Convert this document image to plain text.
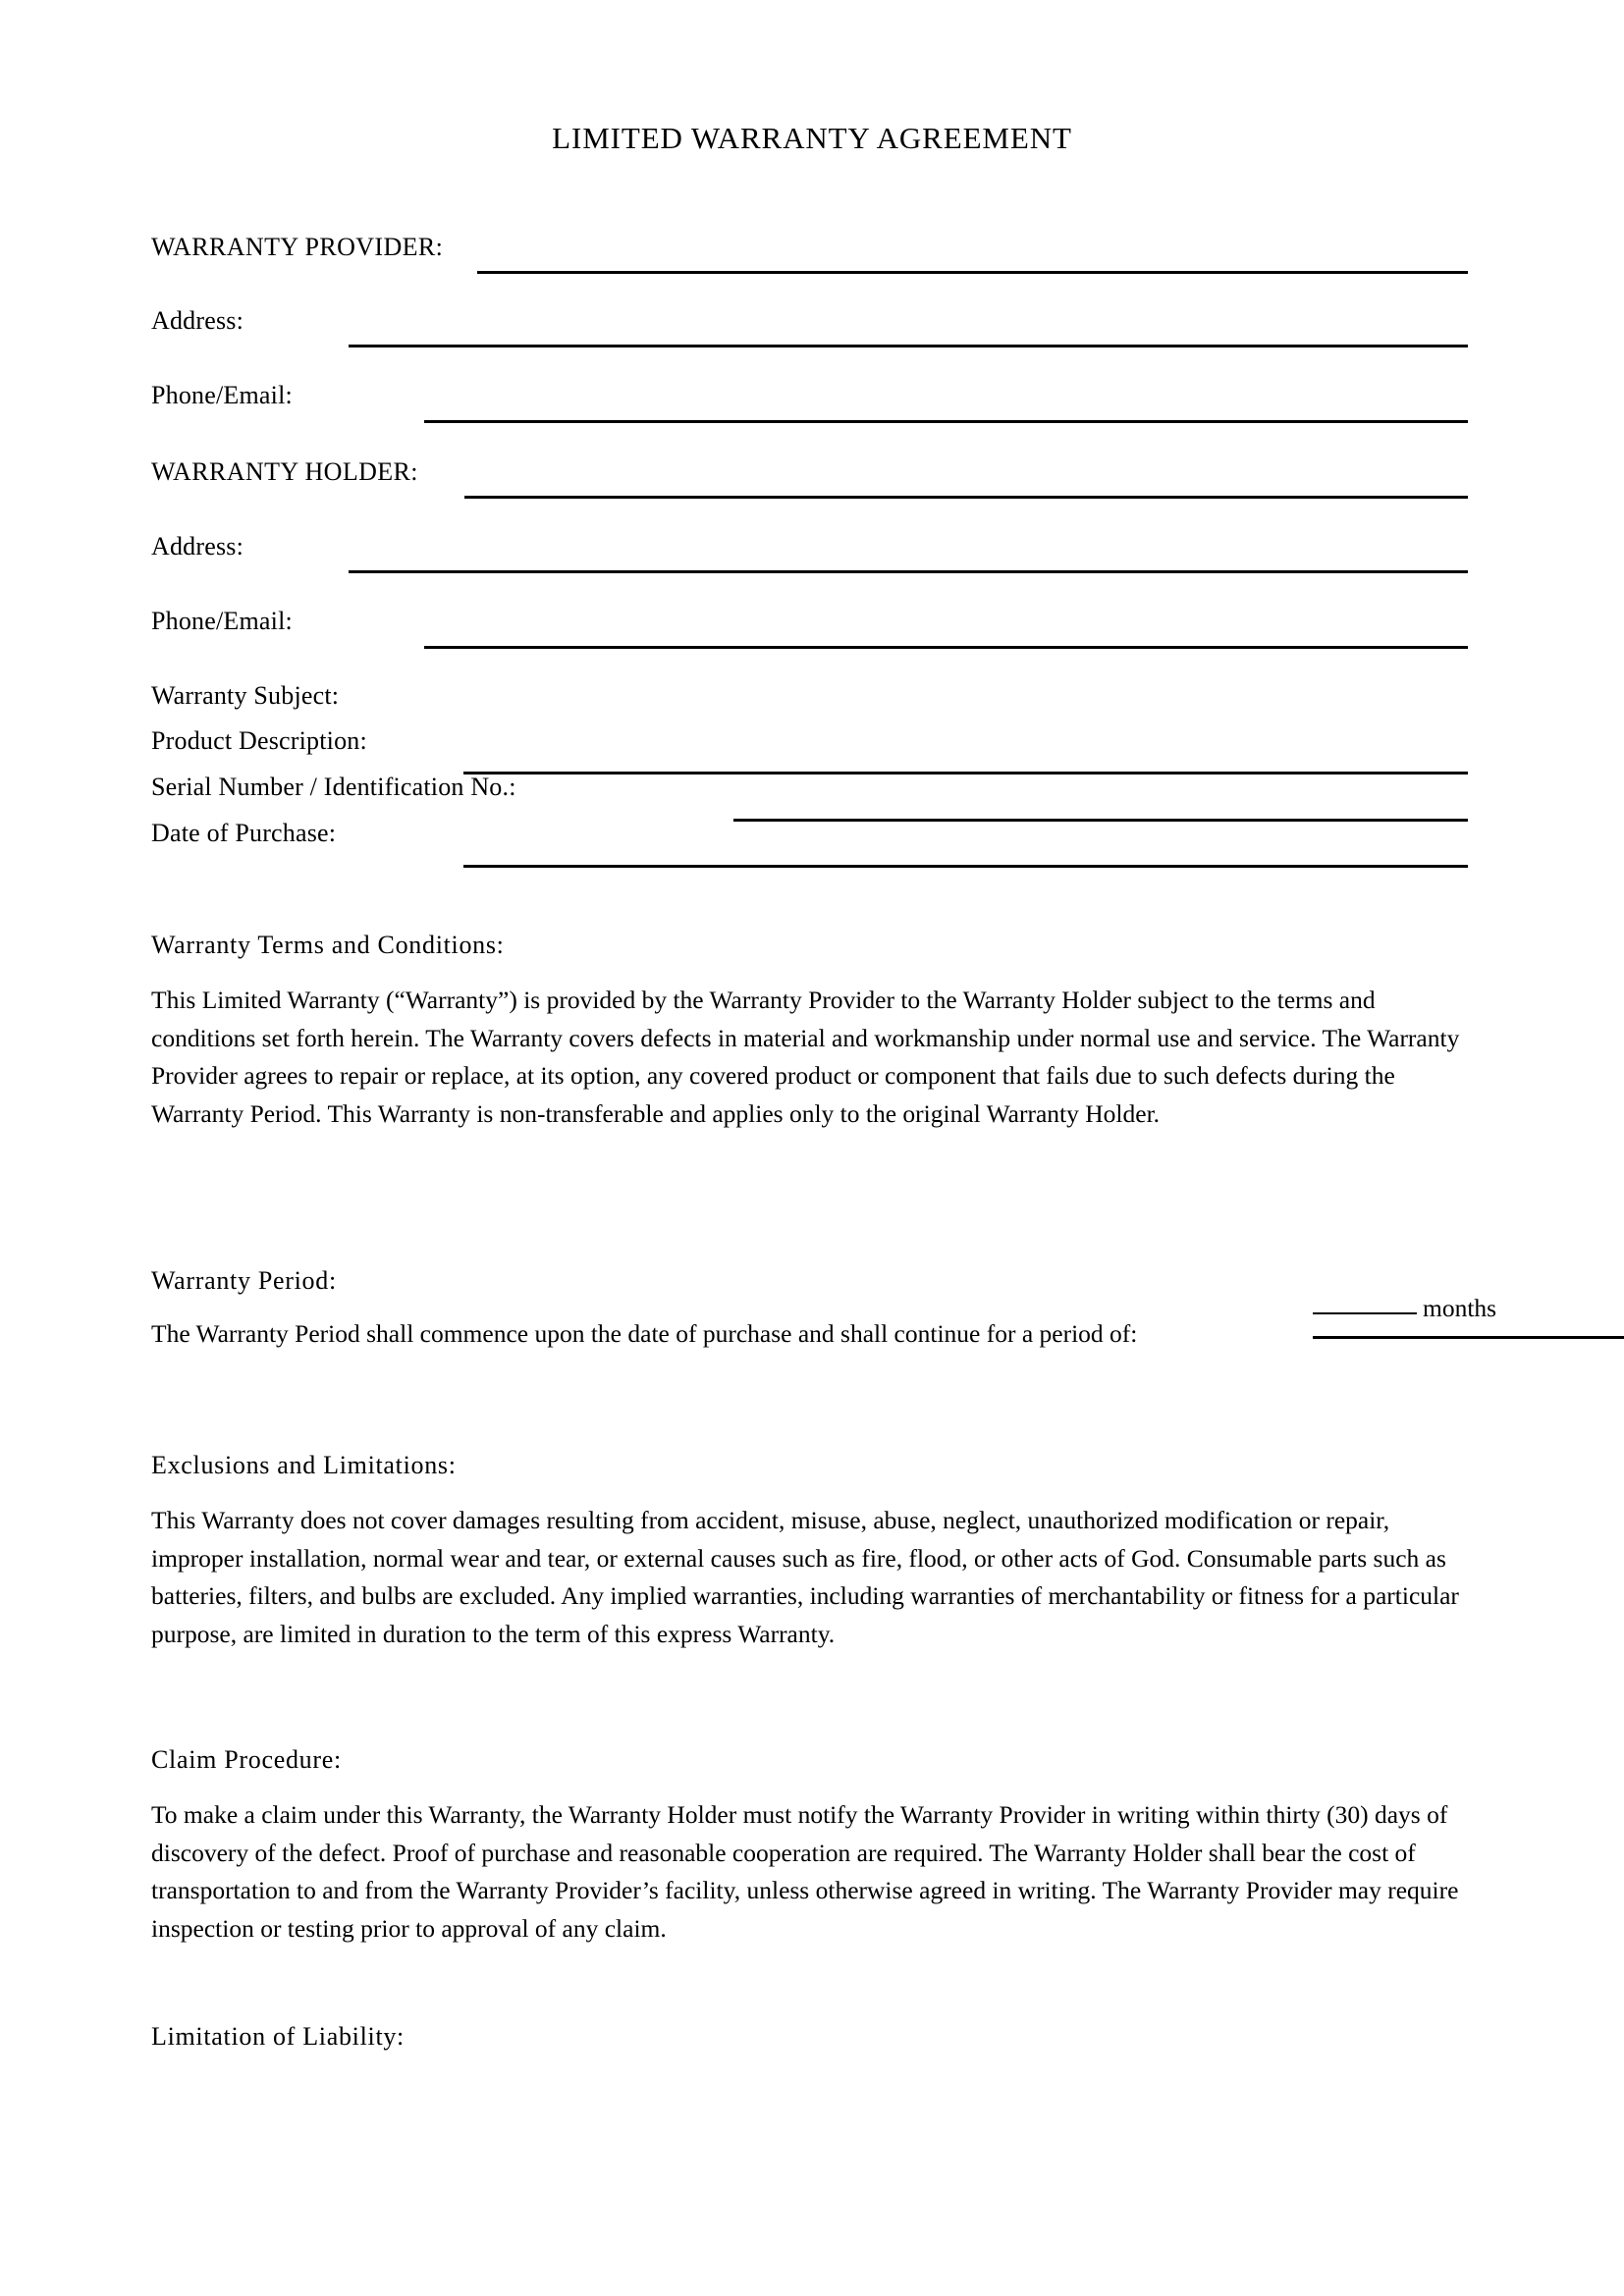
LIMITED WARRANTY AGREEMENT
WARRANTY PROVIDER:
Address:
Phone/Email:
WARRANTY HOLDER:
Address:
Phone/Email:
Warranty Subject:
Product Description:
Serial Number / Identification No.:
Date of Purchase:
Warranty Terms and Conditions:
This Limited Warranty (“Warranty”) is provided by the Warranty Provider to the Warranty Holder subject to the terms and conditions set forth herein. The Warranty covers defects in material and workmanship under normal use and service. The Warranty Provider agrees to repair or replace, at its option, any covered product or component that fails due to such defects during the Warranty Period. This Warranty is non-transferable and applies only to the original Warranty Holder.
Warranty Period:
The Warranty Period shall commence upon the date of purchase and shall continue for a period of:
months
Exclusions and Limitations:
This Warranty does not cover damages resulting from accident, misuse, abuse, neglect, unauthorized modification or repair, improper installation, normal wear and tear, or external causes such as fire, flood, or other acts of God. Consumable parts such as batteries, filters, and bulbs are excluded. Any implied warranties, including warranties of merchantability or fitness for a particular purpose, are limited in duration to the term of this express Warranty.
Claim Procedure:
To make a claim under this Warranty, the Warranty Holder must notify the Warranty Provider in writing within thirty (30) days of discovery of the defect. Proof of purchase and reasonable cooperation are required. The Warranty Holder shall bear the cost of transportation to and from the Warranty Provider’s facility, unless otherwise agreed in writing. The Warranty Provider may require inspection or testing prior to approval of any claim.
Limitation of Liability:
